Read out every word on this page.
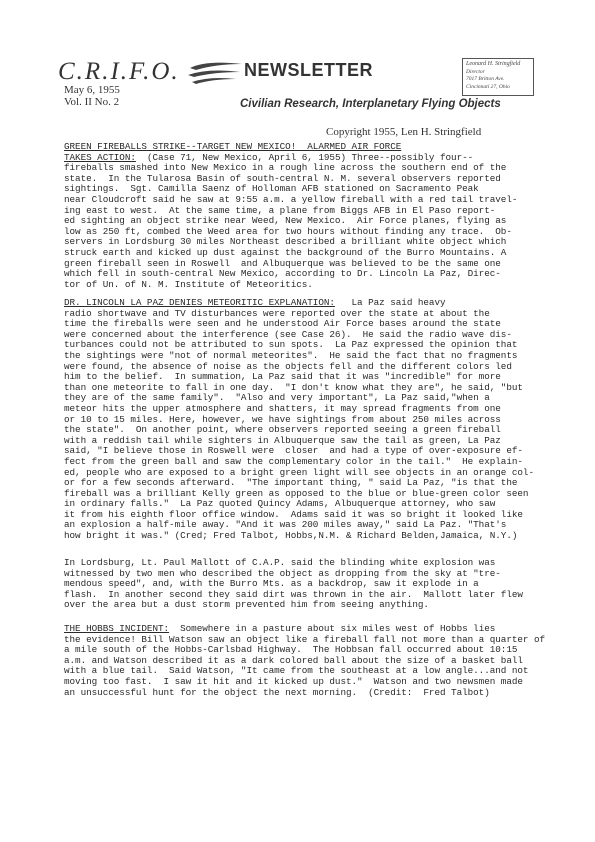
C.R.I.F.O.	NEWSLETTER	Leonard H. Stringfield
Director
7017 Britton Ave.
Cincinnati 27, Ohio
May 6, 1955
Vol. II No. 2	Civilian Research, Interplanetary Flying Objects
Copyright 1955, Len H. Stringfield
GREEN FIREBALLS STRIKE--TARGET NEW MEXICO!  ALARMED AIR FORCE
TAKES ACTION: (Case 71, New Mexico, April 6, 1955) Three--possibly four--
fireballs smashed into New Mexico in a rough line across the southern end of the
state.  In the Tularosa Basin of south-central N. M. several observers reported
sightings.  Sgt. Camilla Saenz of Holloman AFB stationed on Sacramento Peak
near Cloudcroft said he saw at 9:55 a.m. a yellow fireball with a red tail travel-
ing east to west.  At the same time, a plane from Biggs AFB in El Paso report-
ed sighting an object strike near Weed, New Mexico.  Air Force planes, flying as
low as 250 ft, combed the Weed area for two hours without finding any trace.  Ob-
servers in Lordsburg 30 miles Northeast described a brilliant white object which
struck earth and kicked up dust against the background of the Burro Mountains. A
green fireball seen in Roswell  and Albuquerque was believed to be the same one
which fell in south-central New Mexico, according to Dr. Lincoln La Paz, Direc-
tor of Un. of N. M. Institute of Meteoritics.
DR. LINCOLN LA PAZ DENIES METEORITIC EXPLANATION:   La Paz said heavy
radio shortwave and TV disturbances were reported over the state at about the
time the fireballs were seen and he understood Air Force bases around the state
were concerned about the interference (see Case 26).  He said the radio wave dis-
turbances could not be attributed to sun spots.  La Paz expressed the opinion that
the sightings were "not of normal meteorites".  He said the fact that no fragments
were found, the absence of noise as the objects fell and the different colors led
him to the belief.  In summation, La Paz said that it was "incredible" for more
than one meteorite to fall in one day.  "I don't know what they are", he said, "but
they are of the same family".  "Also and very important", La Paz said,"when a
meteor hits the upper atmosphere and shatters, it may spread fragments from one
or 10 to 15 miles. Here, however, we have sightings from about 250 miles across
the state".  On another point, where observers reported seeing a green fireball
with a reddish tail while sighters in Albuquerque saw the tail as green, La Paz
said, "I believe those in Roswell were  closer  and had a type of over-exposure ef-
fect from the green ball and saw the complementary color in the tail."  He explain-
ed, people who are exposed to a bright green light will see objects in an orange col-
or for a few seconds afterward.  "The important thing, " said La Paz, "is that the
fireball was a brilliant Kelly green as opposed to the blue or blue-green color seen
in ordinary falls."  La Paz quoted Quincy Adams, Albuquerque attorney, who saw
it from his eighth floor office window.  Adams said it was so bright it looked like
an explosion a half-mile away. "And it was 200 miles away," said La Paz. "That's
how bright it was." (Cred; Fred Talbot, Hobbs,N.M. & Richard Belden,Jamaica, N.Y.)
In Lordsburg, Lt. Paul Mallott of C.A.P. said the blinding white explosion was
witnessed by two men who described the object as dropping from the sky at "tre-
mendous speed", and, with the Burro Mts. as a backdrop, saw it explode in a
flash.  In another second they said dirt was thrown in the air.  Mallott later flew
over the area but a dust storm prevented him from seeing anything.
THE HOBBS INCIDENT:  Somewhere in a pasture about six miles west of Hobbs lies
the evidence! Bill Watson saw an object like a fireball fall not more than a quarter of
a mile south of the Hobbs-Carlsbad Highway.  The Hobbsan fall occurred about 10:15
a.m. and Watson described it as a dark colored ball about the size of a basket ball
with a blue tail.  Said Watson, "It came from the southeast at a low angle...and not
moving too fast.  I saw it hit and it kicked up dust."  Watson and two newsmen made
an unsuccessful hunt for the object the next morning.  (Credit:  Fred Talbot)
